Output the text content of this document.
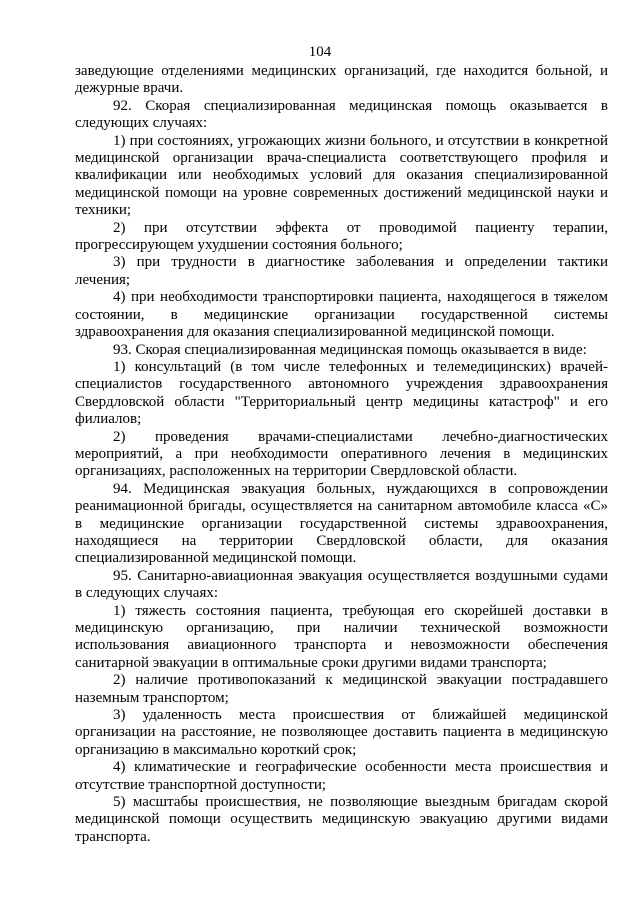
104

заведующие отделениями медицинских организаций, где находится больной, и дежурные врачи.

92. Скорая специализированная медицинская помощь оказывается в следующих случаях:

1) при состояниях, угрожающих жизни больного, и отсутствии в конкретной медицинской организации врача-специалиста соответствующего профиля и квалификации или необходимых условий для оказания специализированной медицинской помощи на уровне современных достижений медицинской науки и техники;

2) при отсутствии эффекта от проводимой пациенту терапии, прогрессирующем ухудшении состояния больного;

3) при трудности в диагностике заболевания и определении тактики лечения;

4) при необходимости транспортировки пациента, находящегося в тяжелом состоянии, в медицинские организации государственной системы здравоохранения для оказания специализированной медицинской помощи.

93. Скорая специализированная медицинская помощь оказывается в виде:

1) консультаций (в том числе телефонных и телемедицинских) врачей-специалистов государственного автономного учреждения здравоохранения Свердловской области "Территориальный центр медицины катастроф" и его филиалов;

2) проведения врачами-специалистами лечебно-диагностических мероприятий, а при необходимости оперативного лечения в медицинских организациях, расположенных на территории Свердловской области.

94. Медицинская эвакуация больных, нуждающихся в сопровождении реанимационной бригады, осуществляется на санитарном автомобиле класса «С» в медицинские организации государственной системы здравоохранения, находящиеся на территории Свердловской области, для оказания специализированной медицинской помощи.

95. Санитарно-авиационная эвакуация осуществляется воздушными судами в следующих случаях:

1) тяжесть состояния пациента, требующая его скорейшей доставки в медицинскую организацию, при наличии технической возможности использования авиационного транспорта и невозможности обеспечения санитарной эвакуации в оптимальные сроки другими видами транспорта;

2) наличие противопоказаний к медицинской эвакуации пострадавшего наземным транспортом;

3) удаленность места происшествия от ближайшей медицинской организации на расстояние, не позволяющее доставить пациента в медицинскую организацию в максимально короткий срок;

4) климатические и географические особенности места происшествия и отсутствие транспортной доступности;

5) масштабы происшествия, не позволяющие выездным бригадам скорой медицинской помощи осуществить медицинскую эвакуацию другими видами транспорта.
